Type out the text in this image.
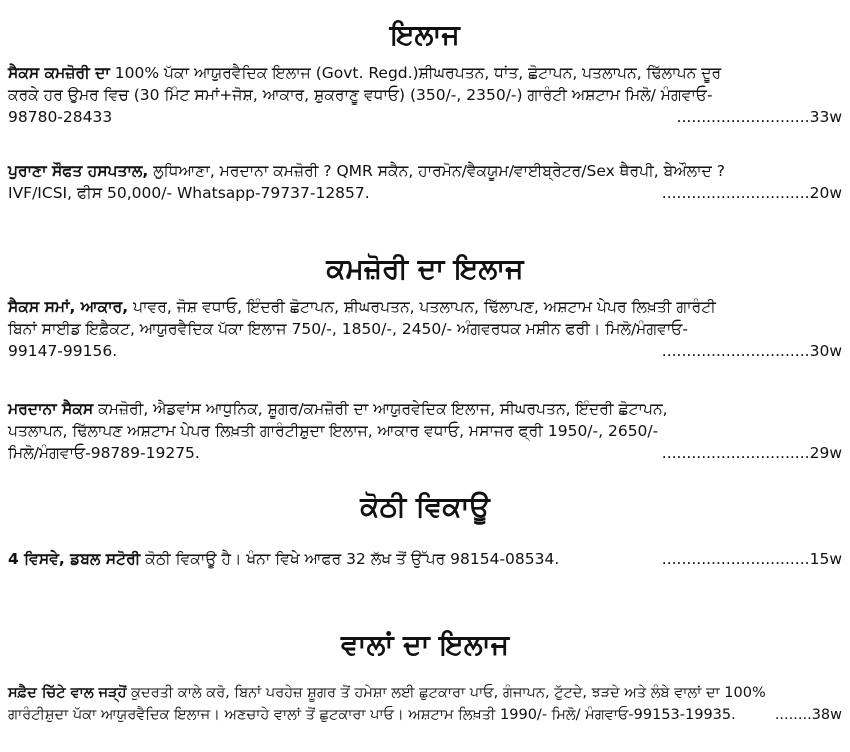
ਇਲਾਜ

ਸੈਕਸ ਕਮਜ਼ੋਰੀ ਦਾ 100% ਪੱਕਾ ਆਯੁਰਵੈਦਿਕ ਇਲਾਜ (Govt. Regd.)ਸ਼ੀਘਰਪਤਨ, ਧਾਂਤ, ਛੋਟਾਪਨ, ਪਤਲਾਪਨ, ਢਿੱਲਾਪਨ ਦੂਰ

ਕਰਕੇ ਹਰ ਉਮਰ ਵਿਚ (30 ਮਿੰਟ ਸਮਾਂ+ਜੋਸ਼, ਆਕਾਰ, ਸ਼ੁਕਰਾਣੂ ਵਧਾਓ) (350/-, 2350/-) ਗਾਰੰਟੀ ਅਸ਼ਟਾਮ ਮਿਲੋ/ ਮੰਗਵਾਓ-

98780-28433	...........................33w

ਪੁਰਾਣਾ ਸੌਫਤ ਹਸਪਤਾਲ, ਲੁਧਿਆਣਾ, ਮਰਦਾਨਾ ਕਮਜ਼ੋਰੀ ? QMR ਸਕੈਨ, ਹਾਰਮੋਨ/ਵੈਕਯੂਮ/ਵਾਈਬ੍ਰੇਟਰ/Sex ਥੈਰਪੀ, ਬੇਔਲਾਦ ?

IVF/ICSI, ਫੀਸ 50,000/- Whatsapp-79737-12857.	..............................20w
ਕਮਜ਼ੋਰੀ ਦਾ ਇਲਾਜ

ਸੈਕਸ ਸਮਾਂ, ਆਕਾਰ, ਪਾਵਰ, ਜੋਸ਼ ਵਧਾਓ, ਇੰਦਰੀ ਛੋਟਾਪਨ, ਸ਼ੀਘਰਪਤਨ, ਪਤਲਾਪਨ, ਢਿੱਲਾਪਣ, ਅਸ਼ਟਾਮ ਪੇਪਰ ਲਿਖ਼ਤੀ ਗਾਰੰਟੀ

ਬਿਨਾਂ ਸਾਈਡ ਇਫ਼ੈਕਟ, ਆਯੁਰਵੈਦਿਕ ਪੱਕਾ ਇਲਾਜ 750/-, 1850/-, 2450/- ਅੰਗਵਰਧਕ ਮਸ਼ੀਨ ਫਰੀ। ਮਿਲੋ/ਮੰਗਵਾਓ-

99147-99156.	..............................30w

ਮਰਦਾਨਾ ਸੈਕਸ ਕਮਜ਼ੋਰੀ, ਐਡਵਾਂਸ ਆਧੁਨਿਕ, ਸ਼ੂਗਰ/ਕਮਜ਼ੋਰੀ ਦਾ ਆਯੁਰਵੇਦਿਕ ਇਲਾਜ, ਸੀਘਰਪਤਨ, ਇੰਦਰੀ ਛੋਟਾਪਨ,

ਪਤਲਾਪਨ, ਢਿੱਲਾਪਣ ਅਸ਼ਟਾਮ ਪੇਪਰ ਲਿਖ਼ਤੀ ਗਾਰੰਟੀਸ਼ੁਦਾ ਇਲਾਜ, ਆਕਾਰ ਵਧਾਓ, ਮਸਾਜਰ ਫ੍ਰੀ 1950/-, 2650/-

ਮਿਲੋ/ਮੰਗਵਾਓ-98789-19275.	..............................29w
ਕੋਠੀ ਵਿਕਾਊ
4 ਵਿਸਵੇ, ਡਬਲ ਸਟੋਰੀ ਕੋਠੀ ਵਿਕਾਊ ਹੈ। ਖੰਨਾ ਵਿਖੇ ਆਫਰ 32 ਲੱਖ ਤੋਂ ਉੱਪਰ 98154-08534.	..............................15w
ਵਾਲਾਂ ਦਾ ਇਲਾਜ

ਸਫ਼ੈਦ ਚਿੱਟੇ ਵਾਲ ਜੜ੍ਹੋਂ ਕੁਦਰਤੀ ਕਾਲੇ ਕਰੋ, ਬਿਨਾਂ ਪਰਹੇਜ਼ ਸ਼ੂਗਰ ਤੋਂ ਹਮੇਸ਼ਾ ਲਈ ਛੁਟਕਾਰਾ ਪਾਓ, ਗੰਜਾਪਨ, ਟੁੱਟਦੇ, ਝੜਦੇ ਅਤੇ ਲੰਬੇ ਵਾਲਾਂ ਦਾ 100%

ਗਾਰੰਟੀਸ਼ੁਦਾ ਪੱਕਾ ਆਯੁਰਵੈਦਿਕ ਇਲਾਜ। ਅਣਚਾਹੇ ਵਾਲਾਂ ਤੋਂ ਛੁਟਕਾਰਾ ਪਾਓ। ਅਸ਼ਟਾਮ ਲਿਖ਼ਤੀ 1990/- ਮਿਲੋ/ ਮੰਗਵਾਓ-99153-19935.	........38w
